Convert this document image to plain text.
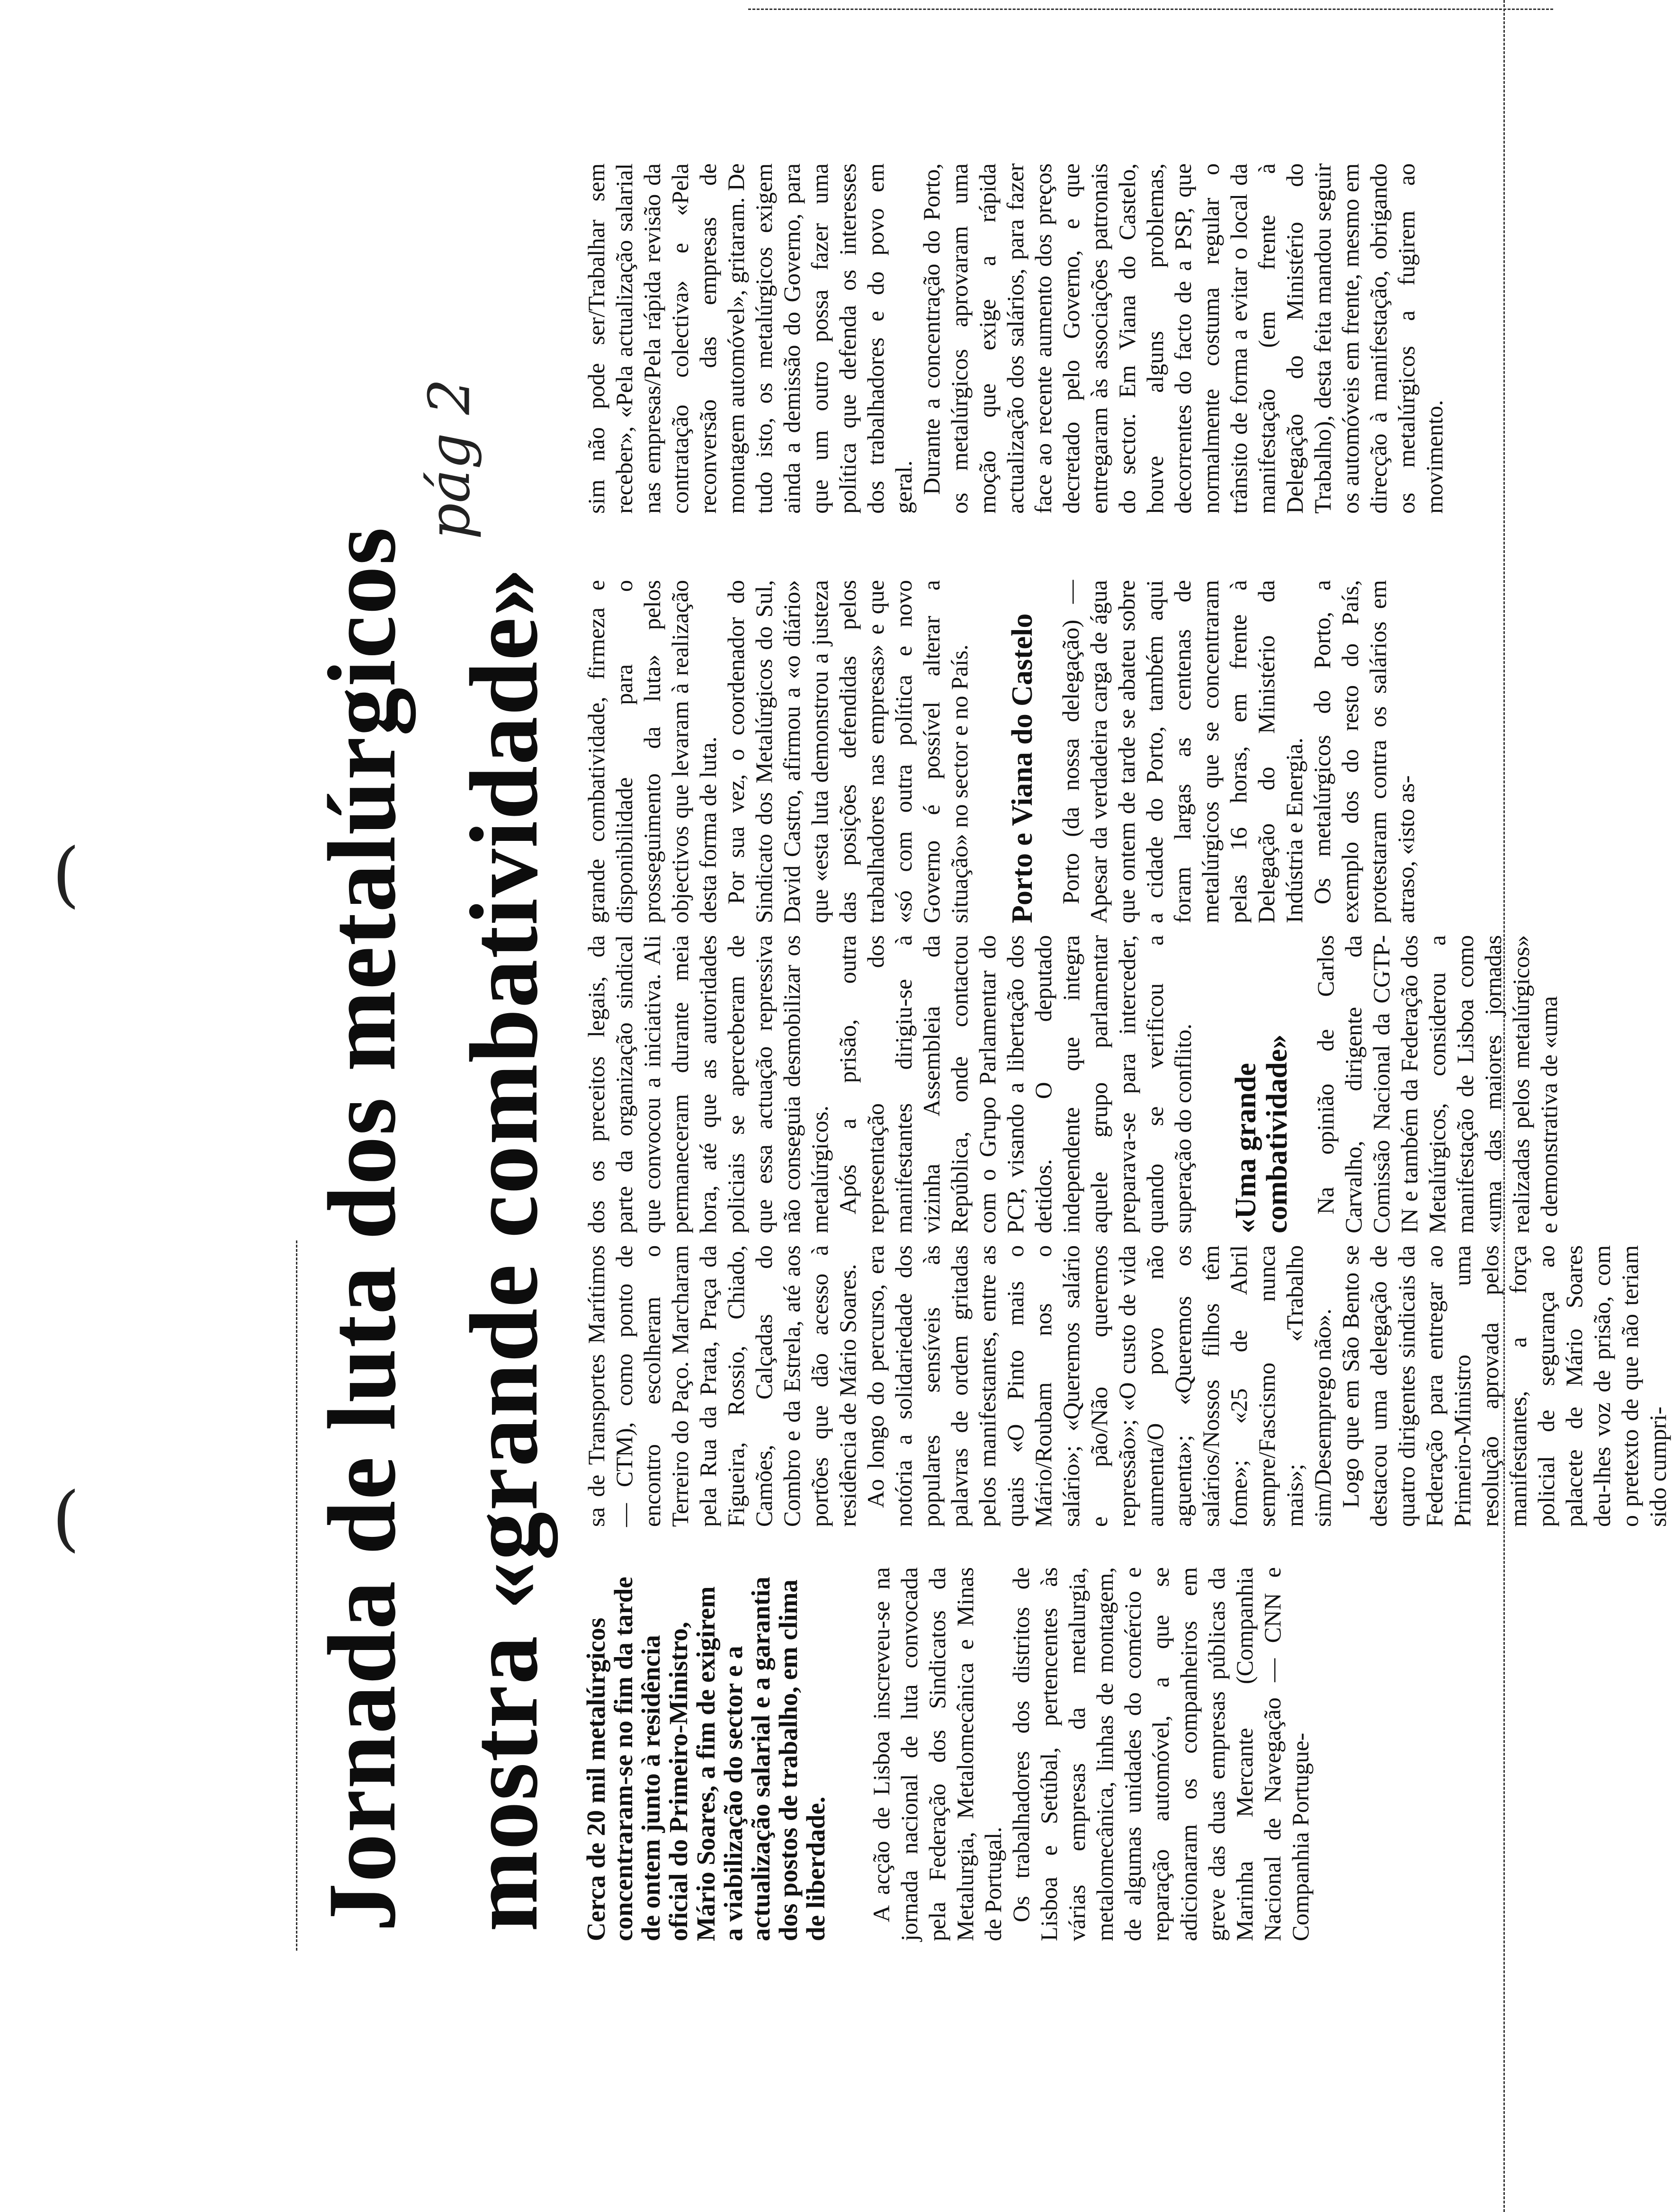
(
( Jornada de luta dos metalúrgicos mostra «grande combatividade» Cerca de 20 mil metalúrgicos concentraram-se no fim da tarde de ontem junto à residência oficial do Primeiro-Ministro, Mário Soares, a fim de exigirem a viabilização do sector e a actualização salarial e a garantia dos postos de trabalho, em clima de liberdade. A acção de Lisboa inscreveu-se na jornada nacional de luta convocada pela Federação dos Sindicatos da Metalurgia, Metalomecânica e Minas de Portugal. Os trabalhadores dos distritos de Lisboa e Setúbal, pertencentes às várias empresas da metalurgia, metalomecânica, linhas de montagem, de algumas unidades do comércio e reparação automóvel, a que se adicionaram os companheiros em greve das duas empresas públicas da Marinha Mercante (Companhia Nacional de Navegação — CNN e Companhia Portugue-

sa de Transportes Marítimos — CTM), como ponto de encontro escolheram o Terreiro do Paço. Marcharam pela Rua da Prata, Praça da Figueira, Rossio, Chiado, Camões, Calçadas do Combro e da Estrela, até aos portões que dão acesso à residência de Mário Soares. Ao longo do percurso, era notória a solidariedade dos populares sensíveis às palavras de ordem gritadas pelos manifestantes, entre as quais «O Pinto mais o Mário/Roubam nos o salário»; «Queremos salário e pão/Não queremos repressão»; «O custo de vida aumenta/O povo não aguenta»; «Queremos os salários/Nossos filhos têm fome»; «25 de Abril sempre/Fascismo nunca mais»; «Trabalho sim/Desemprego não». Logo que em São Bento se destacou uma delegação de quatro dirigentes sindicais da Federação para entregar ao Primeiro-Ministro uma resolução aprovada pelos manifestantes, a força policial de segurança ao palacete de Mário Soares deu-lhes voz de prisão, com o pretexto de que não teriam sido cumpri-

dos os preceitos legais, da parte da organização sindical que convocou a iniciativa. Ali permaneceram durante meia hora, até que as autoridades policiais se aperceberam de que essa actuação repressiva não conseguia desmobilizar os metalúrgicos. Após a prisão, outra representação dos manifestantes dirigiu-se à vizinha Assembleia da República, onde contactou com o Grupo Parlamentar do PCP, visando a libertação dos detidos. O deputado independente que integra aquele grupo parlamentar preparava-se para interceder, quando se verificou a superação do conflito. «Uma grande combatividade» Na opinião de Carlos Carvalho, dirigente da Comissão Nacional da CGTP-IN e também da Federação dos Metalúrgicos, considerou a manifestação de Lisboa como «uma das maiores jornadas realizadas pelos metalúrgicos» e demonstrativa de «uma

grande combatividade, firmeza e disponibilidade para o prosseguimento da luta» pelos objectivos que levaram à realização desta forma de luta. Por sua vez, o coordenador do Sindicato dos Metalúrgicos do Sul, David Castro, afirmou a «o diário» que «esta luta demonstrou a justeza das posições defendidas pelos trabalhadores nas empresas» e que «só com outra política e novo Governo é possível alterar a situação» no sector e no País. Porto e Viana do Castelo Porto (da nossa delegação) — Apesar da verdadeira carga de água que ontem de tarde se abateu sobre a cidade do Porto, também aqui foram largas as centenas de metalúrgicos que se concentraram pelas 16 horas, em frente à Delegação do Ministério da Indústria e Energia. Os metalúrgicos do Porto, a exemplo dos do resto do País, protestaram contra os salários em atraso, «isto as-

sim não pode ser/Trabalhar sem receber», «Pela actualização salarial nas empresas/Pela rápida revisão da contratação colectiva» e «Pela reconversão das empresas de montagem automóvel», gritaram. De tudo isto, os metalúrgicos exigem ainda a demissão do Governo, para que um outro possa fazer uma política que defenda os interesses dos trabalhadores e do povo em geral. Durante a concentração do Porto, os metalúrgicos aprovaram uma moção que exige a rápida actualização dos salários, para fazer face ao recente aumento dos preços decretado pelo Governo, e que entregaram às associações patronais do sector. Em Viana do Castelo, houve alguns problemas, decorrentes do facto de a PSP, que normalmente costuma regular o trânsito de forma a evitar o local da manifestação (em frente à Delegação do Ministério do Trabalho), desta feita mandou seguir os automóveis em frente, mesmo em direcção à manifestação, obrigando os metalúrgicos a fugirem ao movimento.

pág 2
